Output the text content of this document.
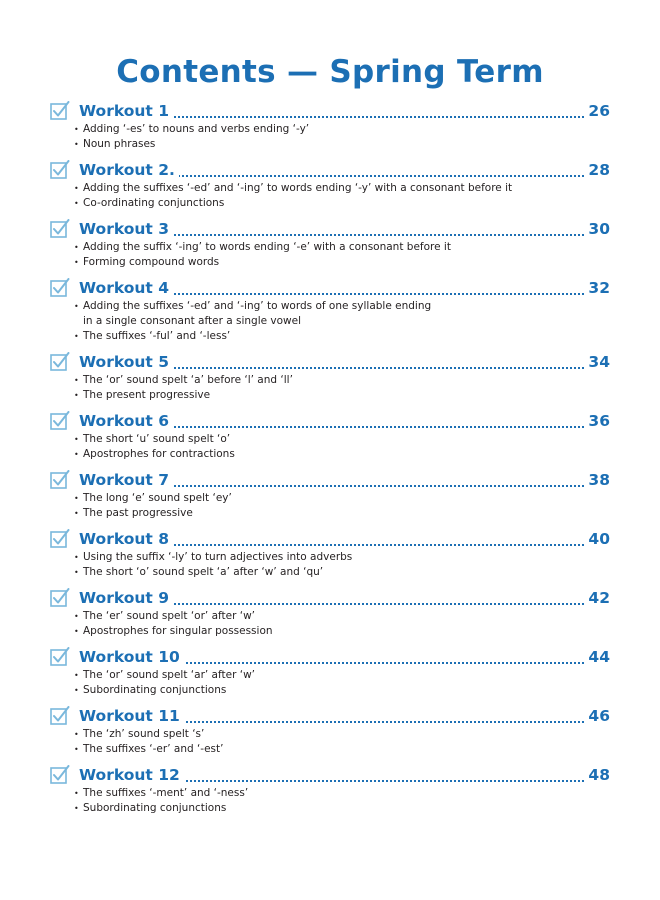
Contents — Spring Term
Workout 1	26
• Adding ‘-es’ to nouns and verbs ending ‘-y’
• Noun phrases
Workout 2.	28
• Adding the suffixes ‘-ed’ and ‘-ing’ to words ending ‘-y’ with a consonant before it
• Co-ordinating conjunctions
Workout 3	30
• Adding the suffix ‘-ing’ to words ending ‘-e’ with a consonant before it
• Forming compound words
Workout 4	32
• Adding the suffixes ‘-ed’ and ‘-ing’ to words of one syllable ending
in a single consonant after a single vowel
• The suffixes ‘-ful’ and ‘-less’
Workout 5	34
• The ‘or’ sound spelt ‘a’ before ‘l’ and ‘ll’
• The present progressive
Workout 6	36
• The short ‘u’ sound spelt ‘o’
• Apostrophes for contractions
Workout 7	38
• The long ‘e’ sound spelt ‘ey’
• The past progressive
Workout 8	40
• Using the suffix ‘-ly’ to turn adjectives into adverbs
• The short ‘o’ sound spelt ‘a’ after ‘w’ and ‘qu’
Workout 9	42
• The ‘er’ sound spelt ‘or’ after ‘w’
• Apostrophes for singular possession
Workout 10	44
• The ‘or’ sound spelt ‘ar’ after ‘w’
• Subordinating conjunctions
Workout 11	46
• The ‘zh’ sound spelt ‘s’
• The suffixes ‘-er’ and ‘-est’
Workout 12	48
• The suffixes ‘-ment’ and ‘-ness’
• Subordinating conjunctions
